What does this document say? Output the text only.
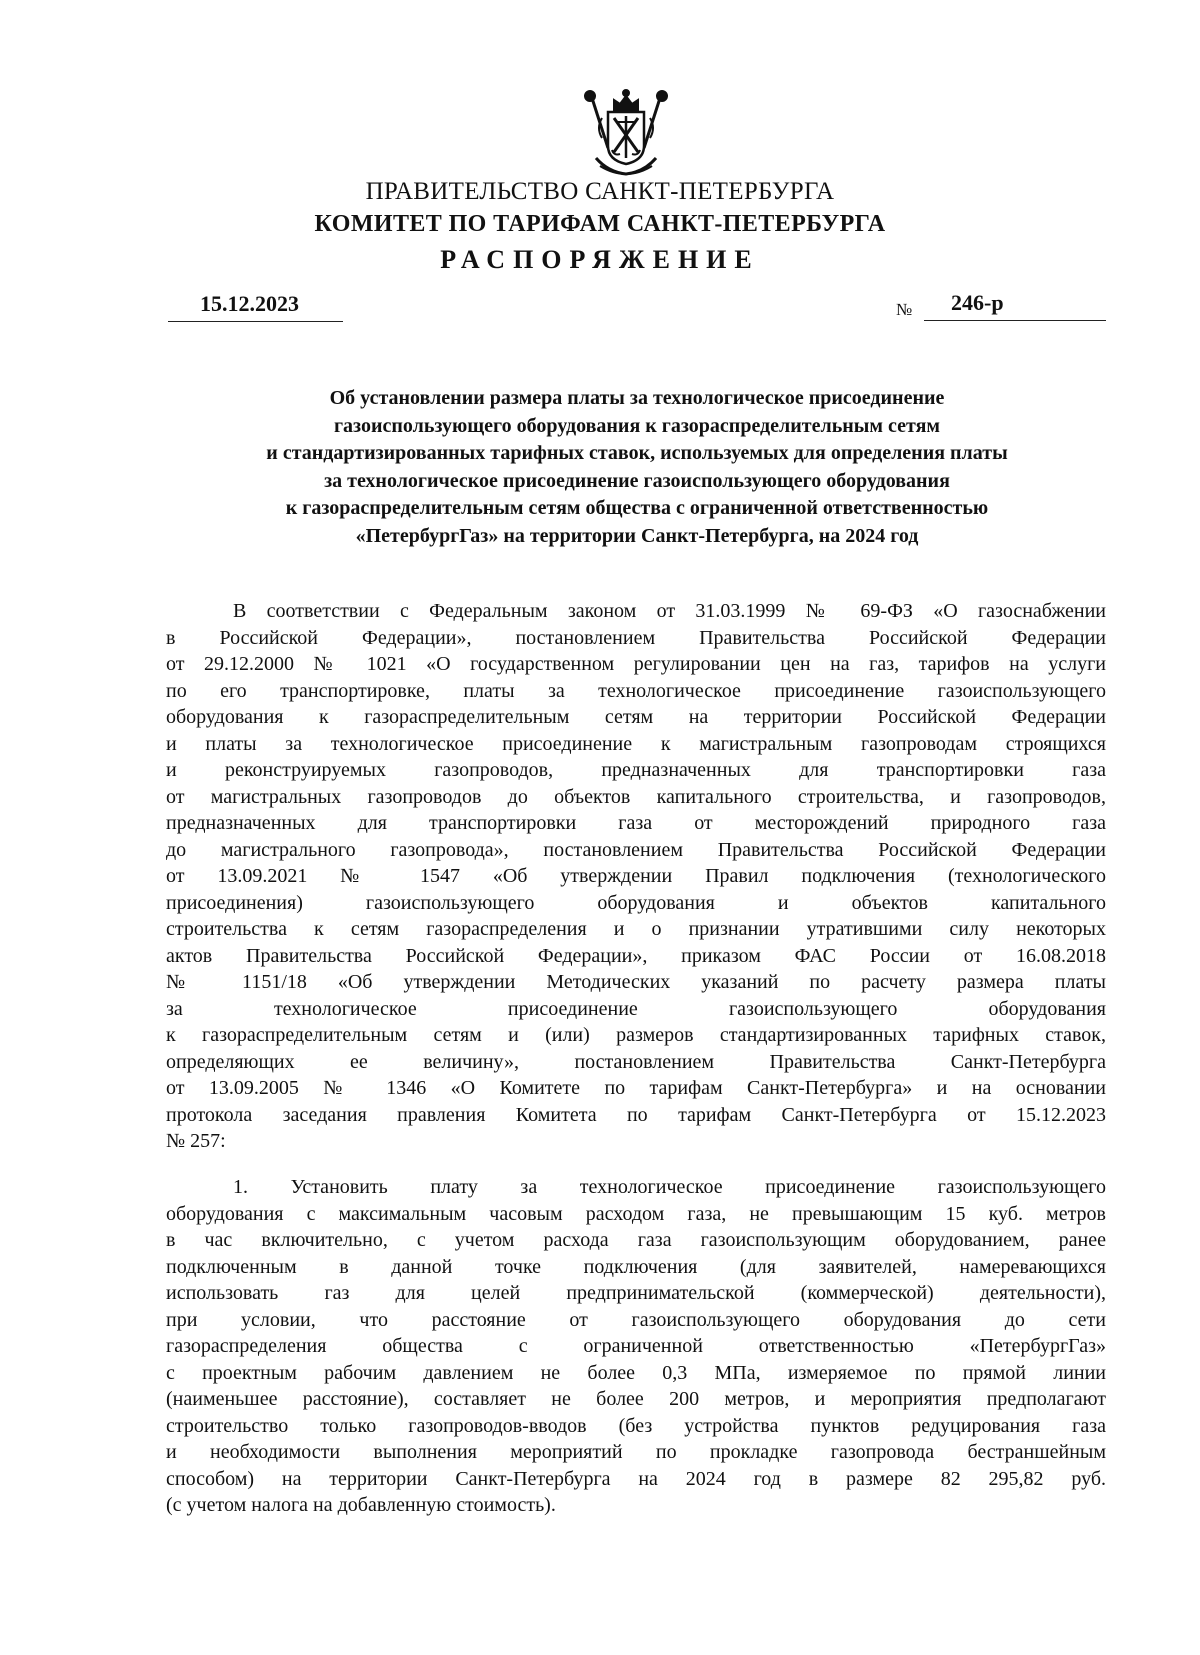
ПРАВИТЕЛЬСТВО САНКТ-ПЕТЕРБУРГА
КОМИТЕТ ПО ТАРИФАМ САНКТ-ПЕТЕРБУРГА
РАСПОРЯЖЕНИЕ
15.12.2023	№ 246-р
Об установлении размера платы за технологическое присоединение
газоиспользующего оборудования к газораспределительным сетям
и стандартизированных тарифных ставок, используемых для определения платы
за технологическое присоединение газоиспользующего оборудования
к газораспределительным сетям общества с ограниченной ответственностью
«ПетербургГаз» на территории Санкт-Петербурга, на 2024 год
В соответствии с Федеральным законом от 31.03.1999 № 69-ФЗ «О газоснабжении
в Российской Федерации», постановлением Правительства Российской Федерации
от 29.12.2000 № 1021 «О государственном регулировании цен на газ, тарифов на услуги
по его транспортировке, платы за технологическое присоединение газоиспользующего
оборудования к газораспределительным сетям на территории Российской Федерации
и платы за технологическое присоединение к магистральным газопроводам строящихся
и реконструируемых газопроводов, предназначенных для транспортировки газа
от магистральных газопроводов до объектов капитального строительства, и газопроводов,
предназначенных для транспортировки газа от месторождений природного газа
до магистрального газопровода», постановлением Правительства Российской Федерации
от 13.09.2021 № 1547 «Об утверждении Правил подключения (технологического
присоединения) газоиспользующего оборудования и объектов капитального
строительства к сетям газораспределения и о признании утратившими силу некоторых
актов Правительства Российской Федерации», приказом ФАС России от 16.08.2018
№ 1151/18 «Об утверждении Методических указаний по расчету размера платы
за технологическое присоединение газоиспользующего оборудования
к газораспределительным сетям и (или) размеров стандартизированных тарифных ставок,
определяющих ее величину», постановлением Правительства Санкт-Петербурга
от 13.09.2005 № 1346 «О Комитете по тарифам Санкт-Петербурга» и на основании
протокола заседания правления Комитета по тарифам Санкт-Петербурга от 15.12.2023
№ 257:
1. Установить плату за технологическое присоединение газоиспользующего
оборудования с максимальным часовым расходом газа, не превышающим 15 куб. метров
в час включительно, с учетом расхода газа газоиспользующим оборудованием, ранее
подключенным в данной точке подключения (для заявителей, намеревающихся
использовать газ для целей предпринимательской (коммерческой) деятельности),
при условии, что расстояние от газоиспользующего оборудования до сети
газораспределения общества с ограниченной ответственностью «ПетербургГаз»
с проектным рабочим давлением не более 0,3 МПа, измеряемое по прямой линии
(наименьшее расстояние), составляет не более 200 метров, и мероприятия предполагают
строительство только газопроводов-вводов (без устройства пунктов редуцирования газа
и необходимости выполнения мероприятий по прокладке газопровода бестраншейным
способом) на территории Санкт-Петербурга на 2024 год в размере 82 295,82 руб.
(с учетом налога на добавленную стоимость).
